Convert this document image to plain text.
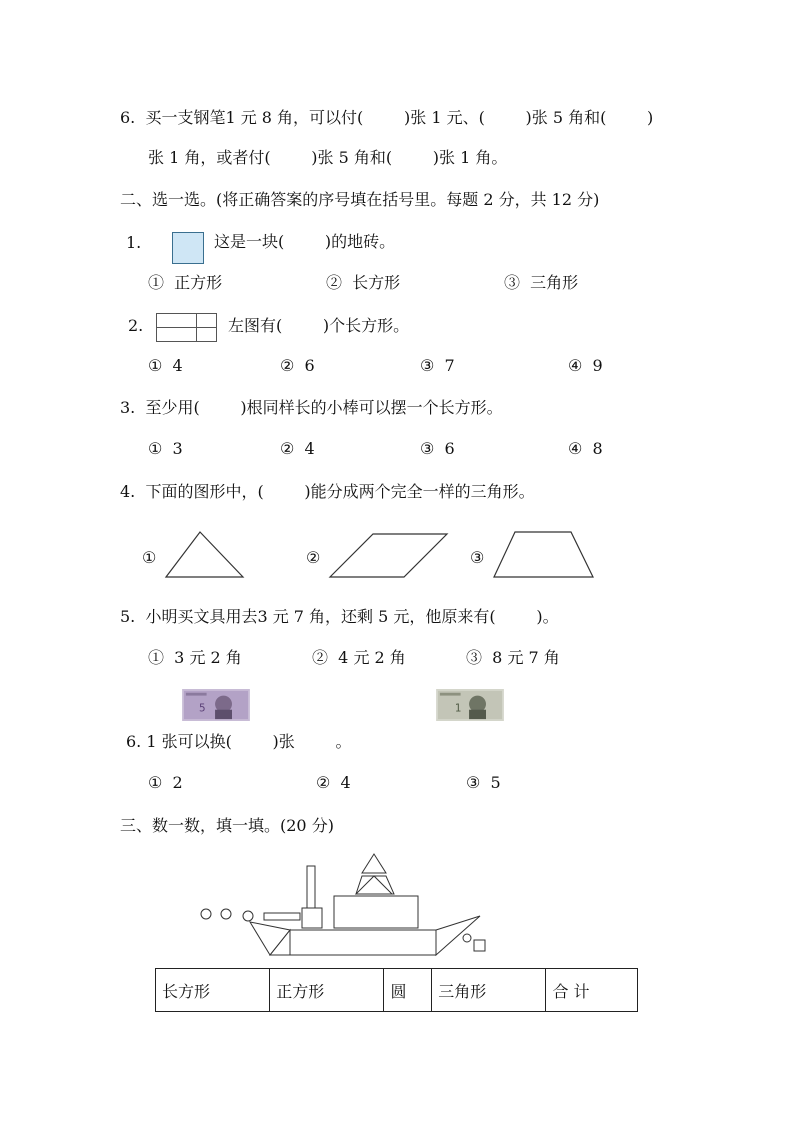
6.  买一支钢笔1 元 8 角，可以付(        )张 1 元、(        )张 5 角和(        )
张 1 角，或者付(        )张 5 角和(        )张 1 角。
二、选一选。(将正确答案的序号填在括号里。每题 2 分，共 12 分)
1.	这是一块(        )的地砖。
①  正方形	②  长方形	③  三角形
2.	左图有(        )个长方形。
①  4	②  6	③  7	④  9
3.  至少用(        )根同样长的小棒可以摆一个长方形。
①  3	②  4	③  6	④  8
4.  下面的图形中，(        )能分成两个完全一样的三角形。
①	②	③
5.  小明买文具用去3 元 7 角，还剩 5 元，他原来有(        )。
①  3 元 2 角	②  4 元 2 角	③  8 元 7 角
5	1
6. 1 张可以换(        )张        。
①  2	②  4	③  5
三、数一数，填一填。(20 分)
长方形	正方形	圆	三角形	合 计
